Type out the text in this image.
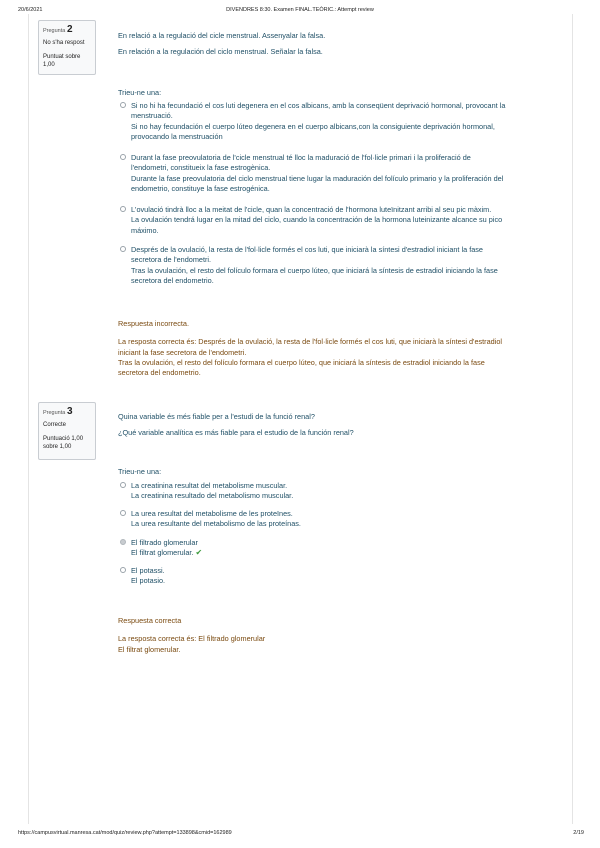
20/6/2021	DIVENDRES 8:30. Examen FINAL.TEÒRIC.: Attempt review
Pregunta 2
No s'ha respost
Puntuat sobre
1,00

En relació a la regulació del cicle menstrual. Assenyalar la falsa.

En relación a la regulación del ciclo menstrual. Señalar la falsa.

Trieu-ne una:
Si no hi ha fecundació el cos luti degenera en el cos albicans, amb la conseqüent deprivació hormonal, provocant la
menstruació.
Si no hay fecundación el cuerpo lúteo degenera en el cuerpo albicans,con la consiguiente deprivación hormonal,
provocando la menstruación
Durant la fase preovulatoria de l'cicle menstrual té lloc la maduració de l'fol·licle primari i la proliferació de
l'endometri, constitueix la fase estrogènica.
Durante la fase preovulatoria del ciclo menstrual tiene lugar la maduración del folículo primario y la proliferación del
endometrio, constituye la fase estrogénica.
L'ovulació tindrà lloc a la meitat de l'cicle, quan la concentració de l'hormona luteïnitzant arribi al seu pic màxim.
La ovulación tendrá lugar en la mitad del ciclo, cuando la concentración de la hormona luteinizante alcance su pico
máximo.
Després de la ovulació, la resta de l'fol·licle formés el cos luti, que iniciarà la síntesi d'estradiol iniciant la fase
secretora de l'endometri.
Tras la ovulación, el resto del folículo formara el cuerpo lúteo, que iniciará la síntesis de estradiol iniciando la fase
secretora del endometrio.
Respuesta incorrecta.
La resposta correcta és: Després de la ovulació, la resta de l'fol·licle formés el cos luti, que iniciarà la síntesi d'estradiol
iniciant la fase secretora de l'endometri.
Tras la ovulación, el resto del folículo formara el cuerpo lúteo, que iniciará la síntesis de estradiol iniciando la fase
secretora del endometrio.
Pregunta 3
Correcte
Puntuació 1,00
sobre 1,00

Quina variable és més fiable per a l'estudi de la funció renal?

¿Qué variable analítica es más fiable para el estudio de la función renal?

Trieu-ne una:
La creatinina resultat del metabolisme muscular.
La creatinina resultado del metabolismo muscular.
La urea resultat del metabolisme de les proteïnes.
La urea resultante del metabolismo de las proteínas.
El filtrado glomerular
El filtrat glomerular. ✔
El potassi.
El potasio.
Respuesta correcta
La resposta correcta és: El filtrado glomerular
El filtrat glomerular.
https://campusvirtual.manresa.cat/mod/quiz/review.php?attempt=133898&cmid=162989	2/19
